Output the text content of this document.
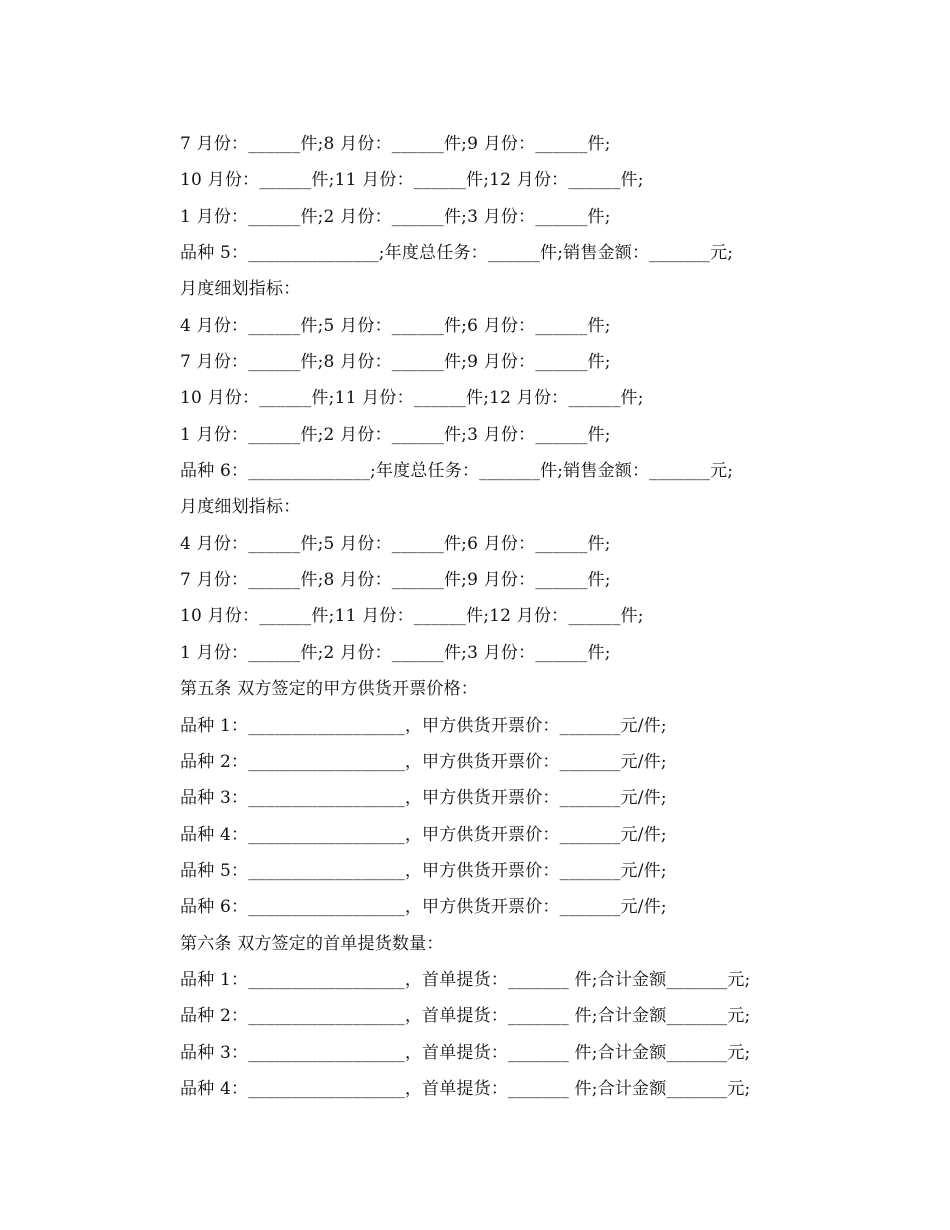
7 月份：______件;8 月份：______件;9 月份：______件;
10 月份：______件;11 月份：______件;12 月份：______件;
1 月份：______件;2 月份：______件;3 月份：______件;
品种 5：_______________;年度总任务：______件;销售金额：_______元;
月度细划指标：
4 月份：______件;5 月份：______件;6 月份：______件;
7 月份：______件;8 月份：______件;9 月份：______件;
10 月份：______件;11 月份：______件;12 月份：______件;
1 月份：______件;2 月份：______件;3 月份：______件;
品种 6：______________;年度总任务：_______件;销售金额：_______元;
月度细划指标：
4 月份：______件;5 月份：______件;6 月份：______件;
7 月份：______件;8 月份：______件;9 月份：______件;
10 月份：______件;11 月份：______件;12 月份：______件;
1 月份：______件;2 月份：______件;3 月份：______件;
第五条 双方签定的甲方供货开票价格：
品种 1：__________________，甲方供货开票价：_______元/件;
品种 2：__________________，甲方供货开票价：_______元/件;
品种 3：__________________，甲方供货开票价：_______元/件;
品种 4：__________________，甲方供货开票价：_______元/件;
品种 5：__________________，甲方供货开票价：_______元/件;
品种 6：__________________，甲方供货开票价：_______元/件;
第六条 双方签定的首单提货数量：
品种 1：__________________，首单提货：_______ 件;合计金额_______元;
品种 2：__________________，首单提货：_______ 件;合计金额_______元;
品种 3：__________________，首单提货：_______ 件;合计金额_______元;
品种 4：__________________，首单提货：_______ 件;合计金额_______元;
